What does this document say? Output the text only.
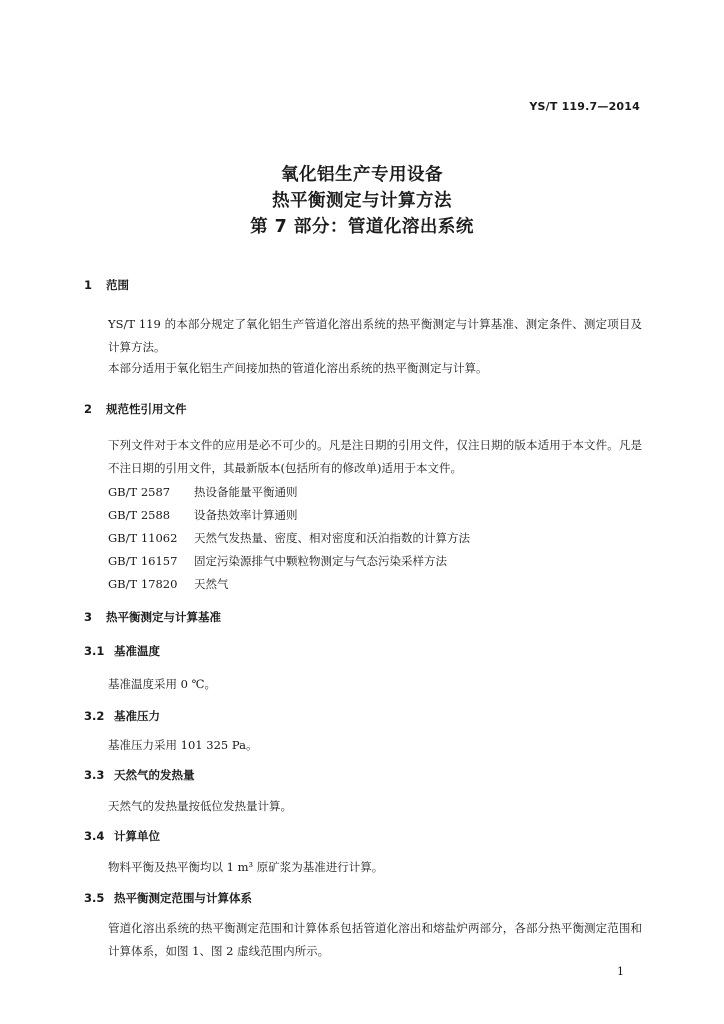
YS/T 119.7—2014
氧化铝生产专用设备
热平衡测定与计算方法
第 7 部分：管道化溶出系统
1 范围
YS/T 119 的本部分规定了氧化铝生产管道化溶出系统的热平衡测定与计算基准、测定条件、测定项目及计算方法。
本部分适用于氧化铝生产间接加热的管道化溶出系统的热平衡测定与计算。
2 规范性引用文件
下列文件对于本文件的应用是必不可少的。凡是注日期的引用文件，仅注日期的版本适用于本文件。凡是不注日期的引用文件，其最新版本(包括所有的修改单)适用于本文件。
GB/T 2587 热设备能量平衡通则
GB/T 2588 设备热效率计算通则
GB/T 11062 天然气发热量、密度、相对密度和沃泊指数的计算方法
GB/T 16157 固定污染源排气中颗粒物测定与气态污染采样方法
GB/T 17820 天然气
3 热平衡测定与计算基准
3.1 基准温度
基准温度采用 0 ℃。
3.2 基准压力
基准压力采用 101 325 Pa。
3.3 天然气的发热量
天然气的发热量按低位发热量计算。
3.4 计算单位
物料平衡及热平衡均以 1 m³ 原矿浆为基准进行计算。
3.5 热平衡测定范围与计算体系
管道化溶出系统的热平衡测定范围和计算体系包括管道化溶出和熔盐炉两部分，各部分热平衡测定范围和计算体系，如图 1、图 2 虚线范围内所示。
1
